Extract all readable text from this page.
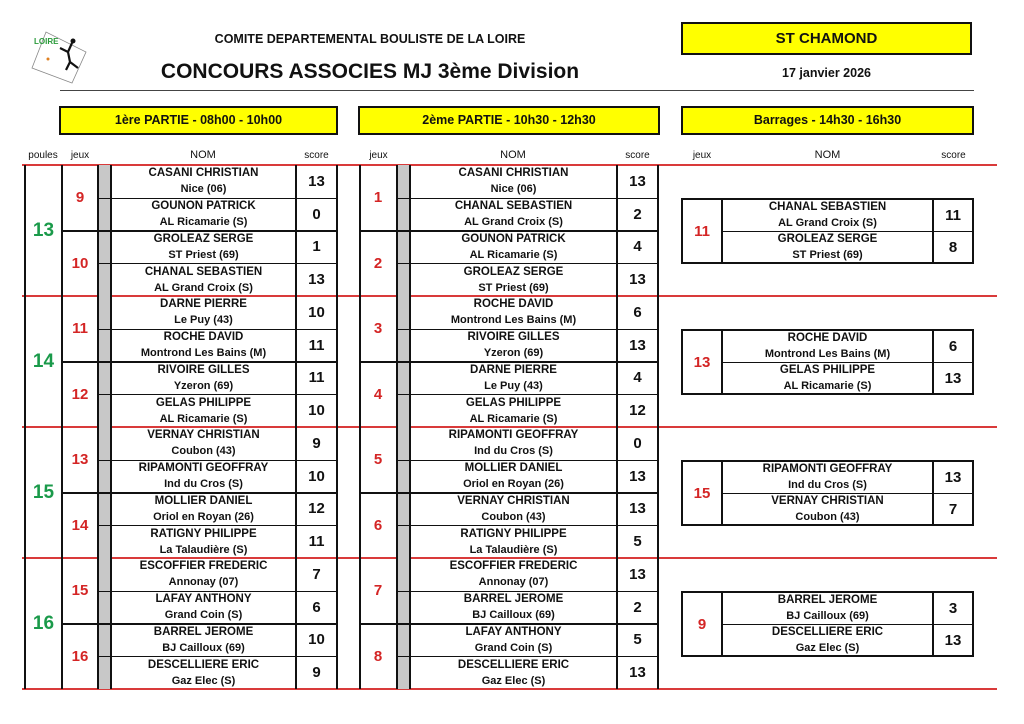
LOIRE	COMITE DEPARTEMENTAL BOULISTE DE LA LOIRE
CONCOURS ASSOCIES MJ 3ème Division
ST CHAMOND
17 janvier 2026
1ère PARTIE - 08h00 - 10h00	2ème PARTIE - 10h30 - 12h30	Barrages - 14h30 - 16h30
poules	jeux	NOM	score	jeux	NOM	score	jeux	NOM	score
13
9
CASANI CHRISTIAN
Nice (06)	13
GOUNON PATRICK
AL Ricamarie (S)	0
10
GROLEAZ SERGE
ST Priest (69)	1
CHANAL SEBASTIEN
AL Grand Croix (S)	13
1
CASANI CHRISTIAN
Nice (06)	13
CHANAL SEBASTIEN
AL Grand Croix (S)	2
2
GOUNON PATRICK
AL Ricamarie (S)	4
GROLEAZ SERGE
ST Priest (69)	13
11
CHANAL SEBASTIEN
AL Grand Croix (S)	11
GROLEAZ SERGE
ST Priest (69)	8
14
11
DARNE PIERRE
Le Puy (43)	10
ROCHE DAVID
Montrond Les Bains (M)	11
12
RIVOIRE GILLES
Yzeron (69)	11
GELAS PHILIPPE
AL Ricamarie (S)	10
3
ROCHE DAVID
Montrond Les Bains (M)	6
RIVOIRE GILLES
Yzeron (69)	13
4
DARNE PIERRE
Le Puy (43)	4
GELAS PHILIPPE
AL Ricamarie (S)	12
13
ROCHE DAVID
Montrond Les Bains (M)	6
GELAS PHILIPPE
AL Ricamarie (S)	13
15
13
VERNAY CHRISTIAN
Coubon (43)	9
RIPAMONTI GEOFFRAY
Ind du Cros (S)	10
14
MOLLIER DANIEL
Oriol en Royan (26)	12
RATIGNY PHILIPPE
La Talaudière (S)	11
5
RIPAMONTI GEOFFRAY
Ind du Cros (S)	0
MOLLIER DANIEL
Oriol en Royan (26)	13
6
VERNAY CHRISTIAN
Coubon (43)	13
RATIGNY PHILIPPE
La Talaudière (S)	5
15
RIPAMONTI GEOFFRAY
Ind du Cros (S)	13
VERNAY CHRISTIAN
Coubon (43)	7
16
15
ESCOFFIER FREDERIC
Annonay (07)	7
LAFAY ANTHONY
Grand Coin (S)	6
16
BARREL JEROME
BJ Cailloux (69)	10
DESCELLIERE ERIC
Gaz Elec (S)	9
7
ESCOFFIER FREDERIC
Annonay (07)	13
BARREL JEROME
BJ Cailloux (69)	2
8
LAFAY ANTHONY
Grand Coin (S)	5
DESCELLIERE ERIC
Gaz Elec (S)	13
9
BARREL JEROME
BJ Cailloux (69)	3
DESCELLIERE ERIC
Gaz Elec (S)	13
